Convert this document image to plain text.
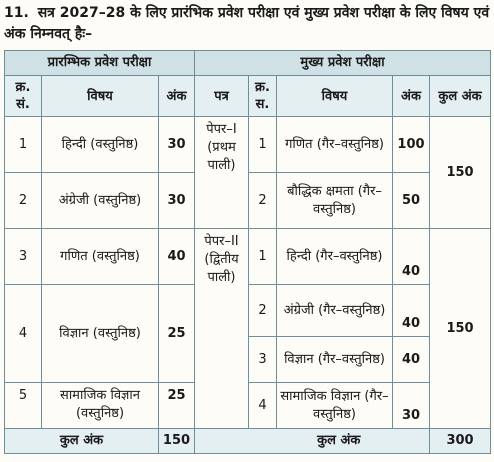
11. सत्र 2027–28 के लिए प्रारंभिक प्रवेश परीक्षा एवं मुख्य प्रवेश परीक्षा के लिए विषय एवं अंक निम्नवत् हैः–
प्रारम्भिक प्रवेश परीक्षा			मुख्य प्रवेश परीक्षा				
क्र. सं.	विषय	अंक	पत्र	क्र. स.	विषय	अंक	कुल अंक
1	हिन्दी (वस्तुनिष्ठ)	30	पेपर–I (प्रथम पाली)	1	गणित (गैर–वस्तुनिष्ठ)	100	150
2	अंग्रेजी (वस्तुनिष्ठ)	30		2	बौद्धिक क्षमता (गैर–वस्तुनिष्ठ)	50	
3	गणित (वस्तुनिष्ठ)	40	पेपर–II (द्वितीय पाली)	1	हिन्दी (गैर–वस्तुनिष्ठ)	40	150
4	विज्ञान (वस्तुनिष्ठ)	25		2	अंग्रेजी (गैर–वस्तुनिष्ठ)	40	
				3	विज्ञान (गैर–वस्तुनिष्ठ)	40	
5	सामाजिक विज्ञान (वस्तुनिष्ठ)	25		4	सामाजिक विज्ञान (गैर–वस्तुनिष्ठ)	30	
कुल अंक		150		कुल अंक			300
